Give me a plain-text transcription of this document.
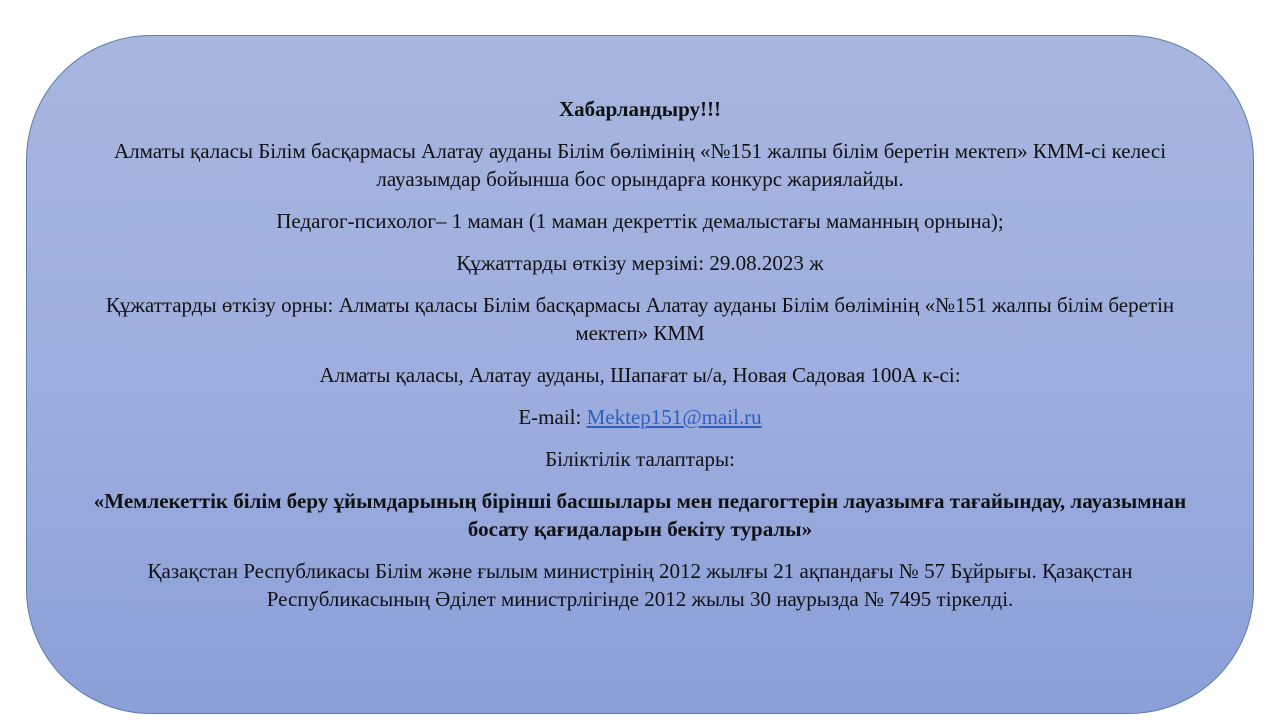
Хабарландыру!!!

Алматы қаласы Білім басқармасы Алатау ауданы Білім бөлімінің «№151 жалпы білім беретін мектеп» КММ-сі келесі лауазымдар бойынша бос орындарға конкурс жариялайды.

Педагог-психолог– 1 маман (1 маман декреттік демалыстағы маманның орнына);

Құжаттарды өткізу мерзімі: 29.08.2023 ж

Құжаттарды өткізу орны: Алматы қаласы Білім басқармасы Алатау ауданы Білім бөлімінің «№151 жалпы білім беретін мектеп» КММ

Алматы қаласы, Алатау ауданы, Шапағат ы/а, Новая Садовая 100А к-сі:

E-mail: Mektep151@mail.ru

Біліктілік талаптары:

«Мемлекеттік білім беру ұйымдарының бірінші басшылары мен педагогтерін лауазымға тағайындау, лауазымнан босату қағидаларын бекіту туралы»

Қазақстан Республикасы Білім және ғылым министрінің 2012 жылғы 21 ақпандағы № 57 Бұйрығы. Қазақстан Республикасының Әділет министрлігінде 2012 жылы 30 наурызда № 7495 тіркелді.
